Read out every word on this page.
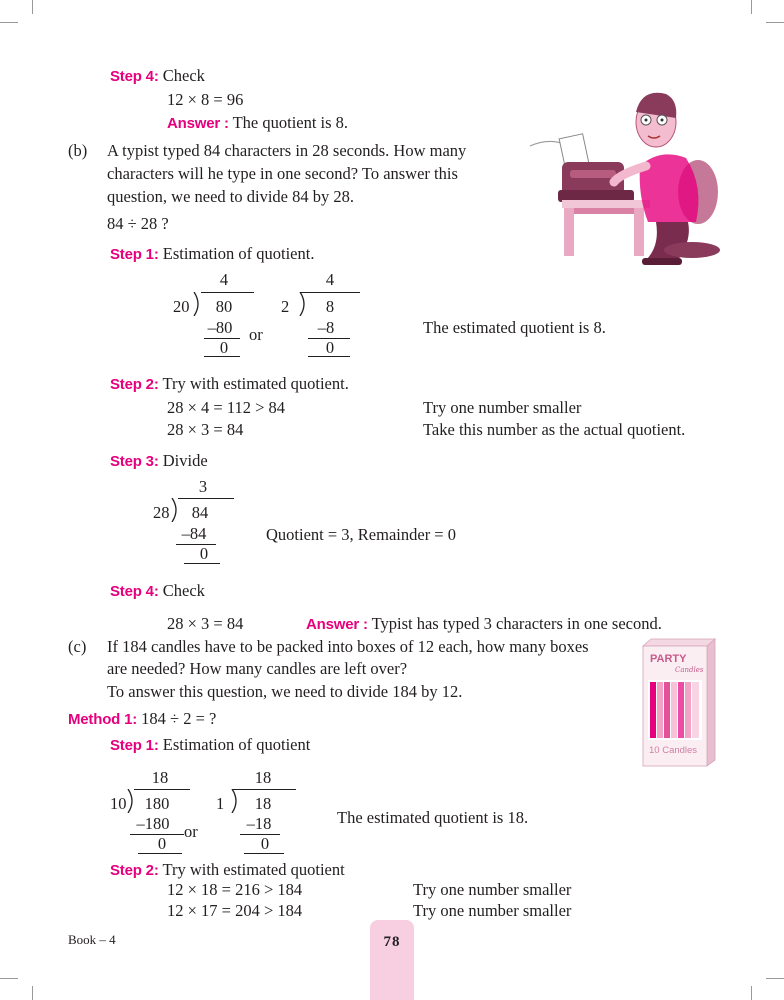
Step 4: Check
12 × 8 = 96
Answer : The quotient is 8.
(b) A typist typed 84 characters in 28 seconds. How many
characters will he type in one second? To answer this
question, we need to divide 84 by 28.
84 ÷ 28 ?
Step 1: Estimation of quotient.
4
20	80
–80
0
or
4
2	8
–8
0
The estimated quotient is 8.
Step 2: Try with estimated quotient.
28 × 4 = 112 > 84	Try one number smaller
28 × 3 = 84	Take this number as the actual quotient.
Step 3: Divide
3
28	84
–84
0
Quotient = 3, Remainder = 0
Step 4: Check
28 × 3 = 84	Answer : Typist has typed 3 characters in one second.
(c) If 184 candles have to be packed into boxes of 12 each, how many boxes
are needed? How many candles are left over?
To answer this question, we need to divide 184 by 12.
PARTY
Candles
10 Candles
Method 1: 184 ÷ 2 = ?
Step 1: Estimation of quotient
18
10	180
–180
0
or
18
1	18
–18
0
The estimated quotient is 18.
Step 2: Try with estimated quotient
12 × 18 = 216 > 184	Try one number smaller
12 × 17 = 204 > 184	Try one number smaller
Book – 4	78
